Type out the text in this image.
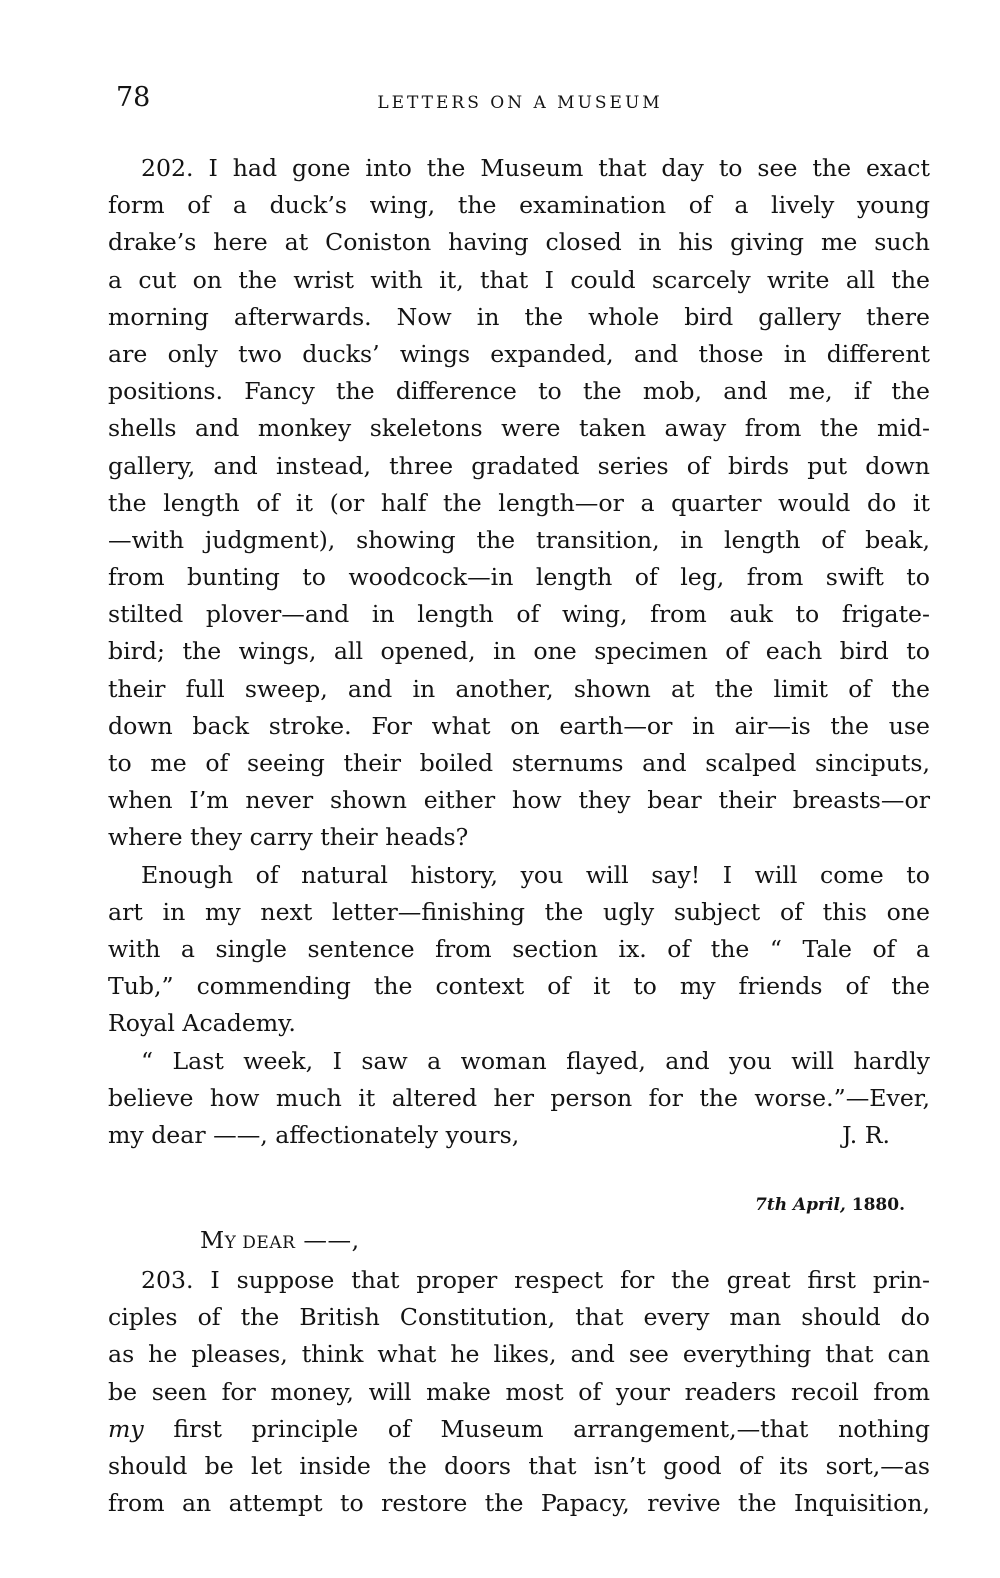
78	LETTERS ON A MUSEUM
202. I had gone into the Museum that day to see the exact
form of a duck’s wing, the examination of a lively young
drake’s here at Coniston having closed in his giving me such
a cut on the wrist with it, that I could scarcely write all the
morning afterwards. Now in the whole bird gallery there
are only two ducks’ wings expanded, and those in different
positions. Fancy the difference to the mob, and me, if the
shells and monkey skeletons were taken away from the mid-
gallery, and instead, three gradated series of birds put down
the length of it (or half the length—or a quarter would do it
—with judgment), showing the transition, in length of beak,
from bunting to woodcock—in length of leg, from swift to
stilted plover—and in length of wing, from auk to frigate-
bird; the wings, all opened, in one specimen of each bird to
their full sweep, and in another, shown at the limit of the
down back stroke. For what on earth—or in air—is the use
to me of seeing their boiled sternums and scalped sinciputs,
when I’m never shown either how they bear their breasts—or
where they carry their heads?
Enough of natural history, you will say! I will come to
art in my next letter—finishing the ugly subject of this one
with a single sentence from section ix. of the “ Tale of a
Tub,” commending the context of it to my friends of the
Royal Academy.
“ Last week, I saw a woman flayed, and you will hardly
believe how much it altered her person for the worse.”—Ever,
my dear ——, affectionately yours,	J. R.
7th April, 1880.
MY DEAR ——,
203. I suppose that proper respect for the great first prin-
ciples of the British Constitution, that every man should do
as he pleases, think what he likes, and see everything that can
be seen for money, will make most of your readers recoil from
my first principle of Museum arrangement,—that nothing
should be let inside the doors that isn’t good of its sort,—as
from an attempt to restore the Papacy, revive the Inquisition,
